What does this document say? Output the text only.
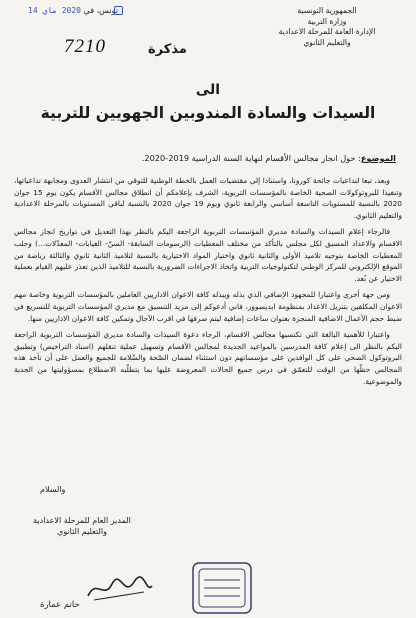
الجمهورية التونسية
وزارة التربية
الإدارة العامة للمرحلة الاعدادية
والتعليم الثانوي
تونس، في 2020 ماي 14
7210	مذكرة
الى
السيدات والسادة المندوبين الجهويين للتربية
الموضوع: حول انجاز مجالس الأقسام لنهاية السنة الدراسية 2019-2020.

وبعد، تبعا لتداعيات جائحة كورونا، واستنادا إلى مقتضيات العمل بالخطة الوطنية للتوقي من انتشار العدوى ومجابهة تداعياتها، وتنفيذا للبروتوكولات الصحية الخاصة بالمؤسسات التربوية، الشرف بإعلامكم أن انطلاق مجالس الأقسام يكون يوم 15 جوان 2020 بالنسبة للمستويات التاسعة أساسي والرابعة ثانوي ويوم 19 جوان 2020 بالنسبة لباقي المستويات بالمرحلة الاعدادية والتعليم الثانوي.

فالرجاء إعلام السيدات والسادة مديري المؤسسات التربوية الراجعة اليكم بالنظر بهذا التعديل في تواريخ انجاز مجالس الاقسام والاعداد المسبق لكل مجلس بالتأكد من مختلف المعطيات (الرسومات السابقة- السنّ- الغيابات- المعدّلات...) وجلب المعطيات الخاصة بتوجيه تلاميذ الأولى والثانية ثانوي واختيار المواد الاختيارية بالنسبة لتلاميذ الثانية ثانوي والثالثة رياضة من الموقع الإلكتروني للمركز الوطني لتكنولوجيات التربية واتخاذ الاجراءات الضرورية بالنسبة للتلاميذ الذين تعذر عليهم القيام بعملية الاختيار عن بُعد.

ومن جهة أخرى واعتبارا للمجهود الإضافي الذي بذله ويبذله كافة الاعوان الاداريين العاملين بالمؤسسات التربوية وخاصة مهم الاعوان المكلفين بتنزيل الاعداد بمنظومة ابديسوور، فاني أدعوكم إلى مزيد التنسيق مع مديري المؤسسات التربوية للتسريع في ضبط حجم الأعمال الاضافية المنجزة بعنوان ساعات إضافية ليتم صرفها في اقرب الآجال وتمكين كافة الاعوان الاداريين منها.

واعتبارا للأهمية البالغة التي تكتسيها مجالس الاقسام، الرجاء دعوة السيدات والسادة مديري المؤسسات التربوية الراجعة اليكم بالنظر الى إعلام كافة المدرسين بالمواعيد الجديدة لمجالس الأقسام وتسهيل عملية تنقلهم (اسناد التراخيص) وتطبيق البروتوكول الصحي على كل الوافدين على مؤسساتهم دون استثناء لضمان الصّحة والسّلامة للجميع والعمل على أن تأخذ هذه المجالس حظّها من الوقت للتعمّق في درس جميع الحالات المعروضة عليها بما يتطلّبه الاضطلاع بمسؤوليتها من الجدية والموضوعية.

والسلام
المدير العام للمرحلة الاعدادية
والتعليم الثانوي
حاتم عمارة
